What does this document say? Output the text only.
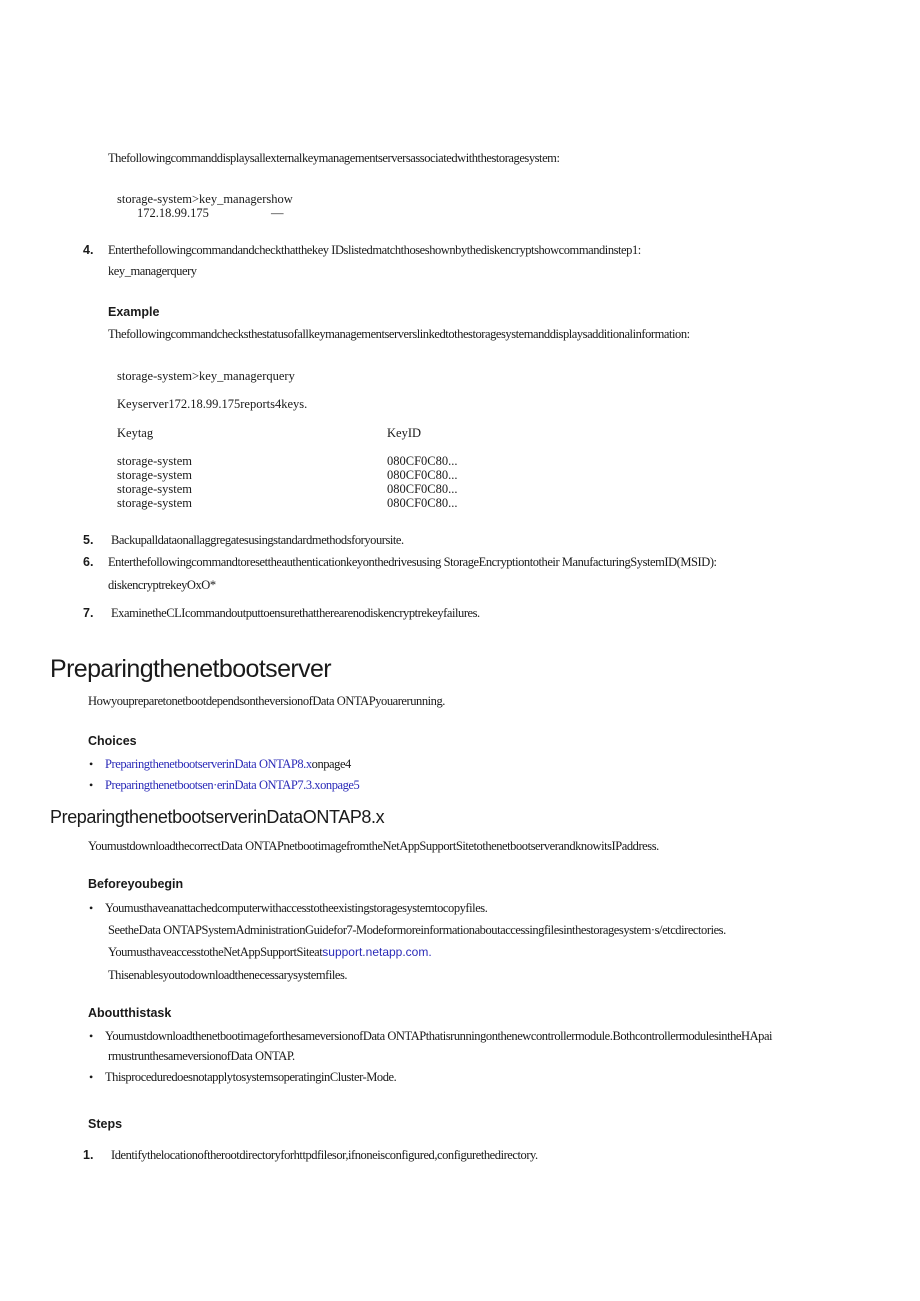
Thefollowingcommanddisplaysallexternalkeymanagementserversassociatedwiththestoragesystem:
storage-system>key_managershow
172.18.99.175	—
4. Enterthefollowingcommandandcheckthatthekey IDslistedmatchthoseshownbythediskencryptshowcommandinstep1:
key_managerquery
Example
Thefollowingcommandchecksthestatusofallkeymanagementserverslinkedtothestoragesystemanddisplaysadditionalinformation:
storage-system>key_managerquery
Keyserver172.18.99.175reports4keys.
Keytag	KeyID
storage-system	080CF0C80...
storage-system	080CF0C80...
storage-system	080CF0C80...
storage-system	080CF0C80...
5. Backupalldataonallaggregatesusingstandardmethodsforyoursite.
6. Enterthefollowingcommandtoresettheauthenticationkeyonthedrivesusing StorageEncryptiontotheir ManufacturingSystemID(MSID):
diskencryptrekeyOxO*
7. ExaminetheCLIcommandoutputtoensurethattherearenodiskencryptrekeyfailures.
Preparingthenetbootserver
HowyoupreparetonetbootdependsontheversionofData ONTAPyouarerunning.
Choices
• PreparingthenetbootserverinData ONTAP8.xonpage4
• Preparingthenetbootsen·erinData ONTAP7.3.xonpage5
PreparingthenetbootserverinDataONTAP8.x
YoumustdownloadthecorrectData ONTAPnetbootimagefromtheNetAppSupportSitetothenetbootserverandknowitsIPaddress.
Beforeyoubegin
• Youmusthaveanattachedcomputerwithaccesstotheexistingstoragesystemtocopyfiles.
SeetheData ONTAPSystemAdministrationGuidefor7-Modeformoreinformationaboutaccessingfilesinthestoragesystem·s/etcdirectories.
YoumusthaveaccesstotheNetAppSupportSiteatsupport.netapp.com.
Thisenablesyoutodownloadthenecessarysystemfiles.
Aboutthistask
• YoumustdownloadthenetbootimageforthesameversionofData ONTAPthatisrunningonthenewcontrollermodule.BothcontrollermodulesintheHApai
rmustrunthesameversionofData ONTAP.
• ThisproceduredoesnotapplytosystemsoperatinginCluster-Mode.
Steps
1. Identifythelocationoftherootdirectoryforhttpdfilesor,ifnoneisconfigured,configurethedirectory.
